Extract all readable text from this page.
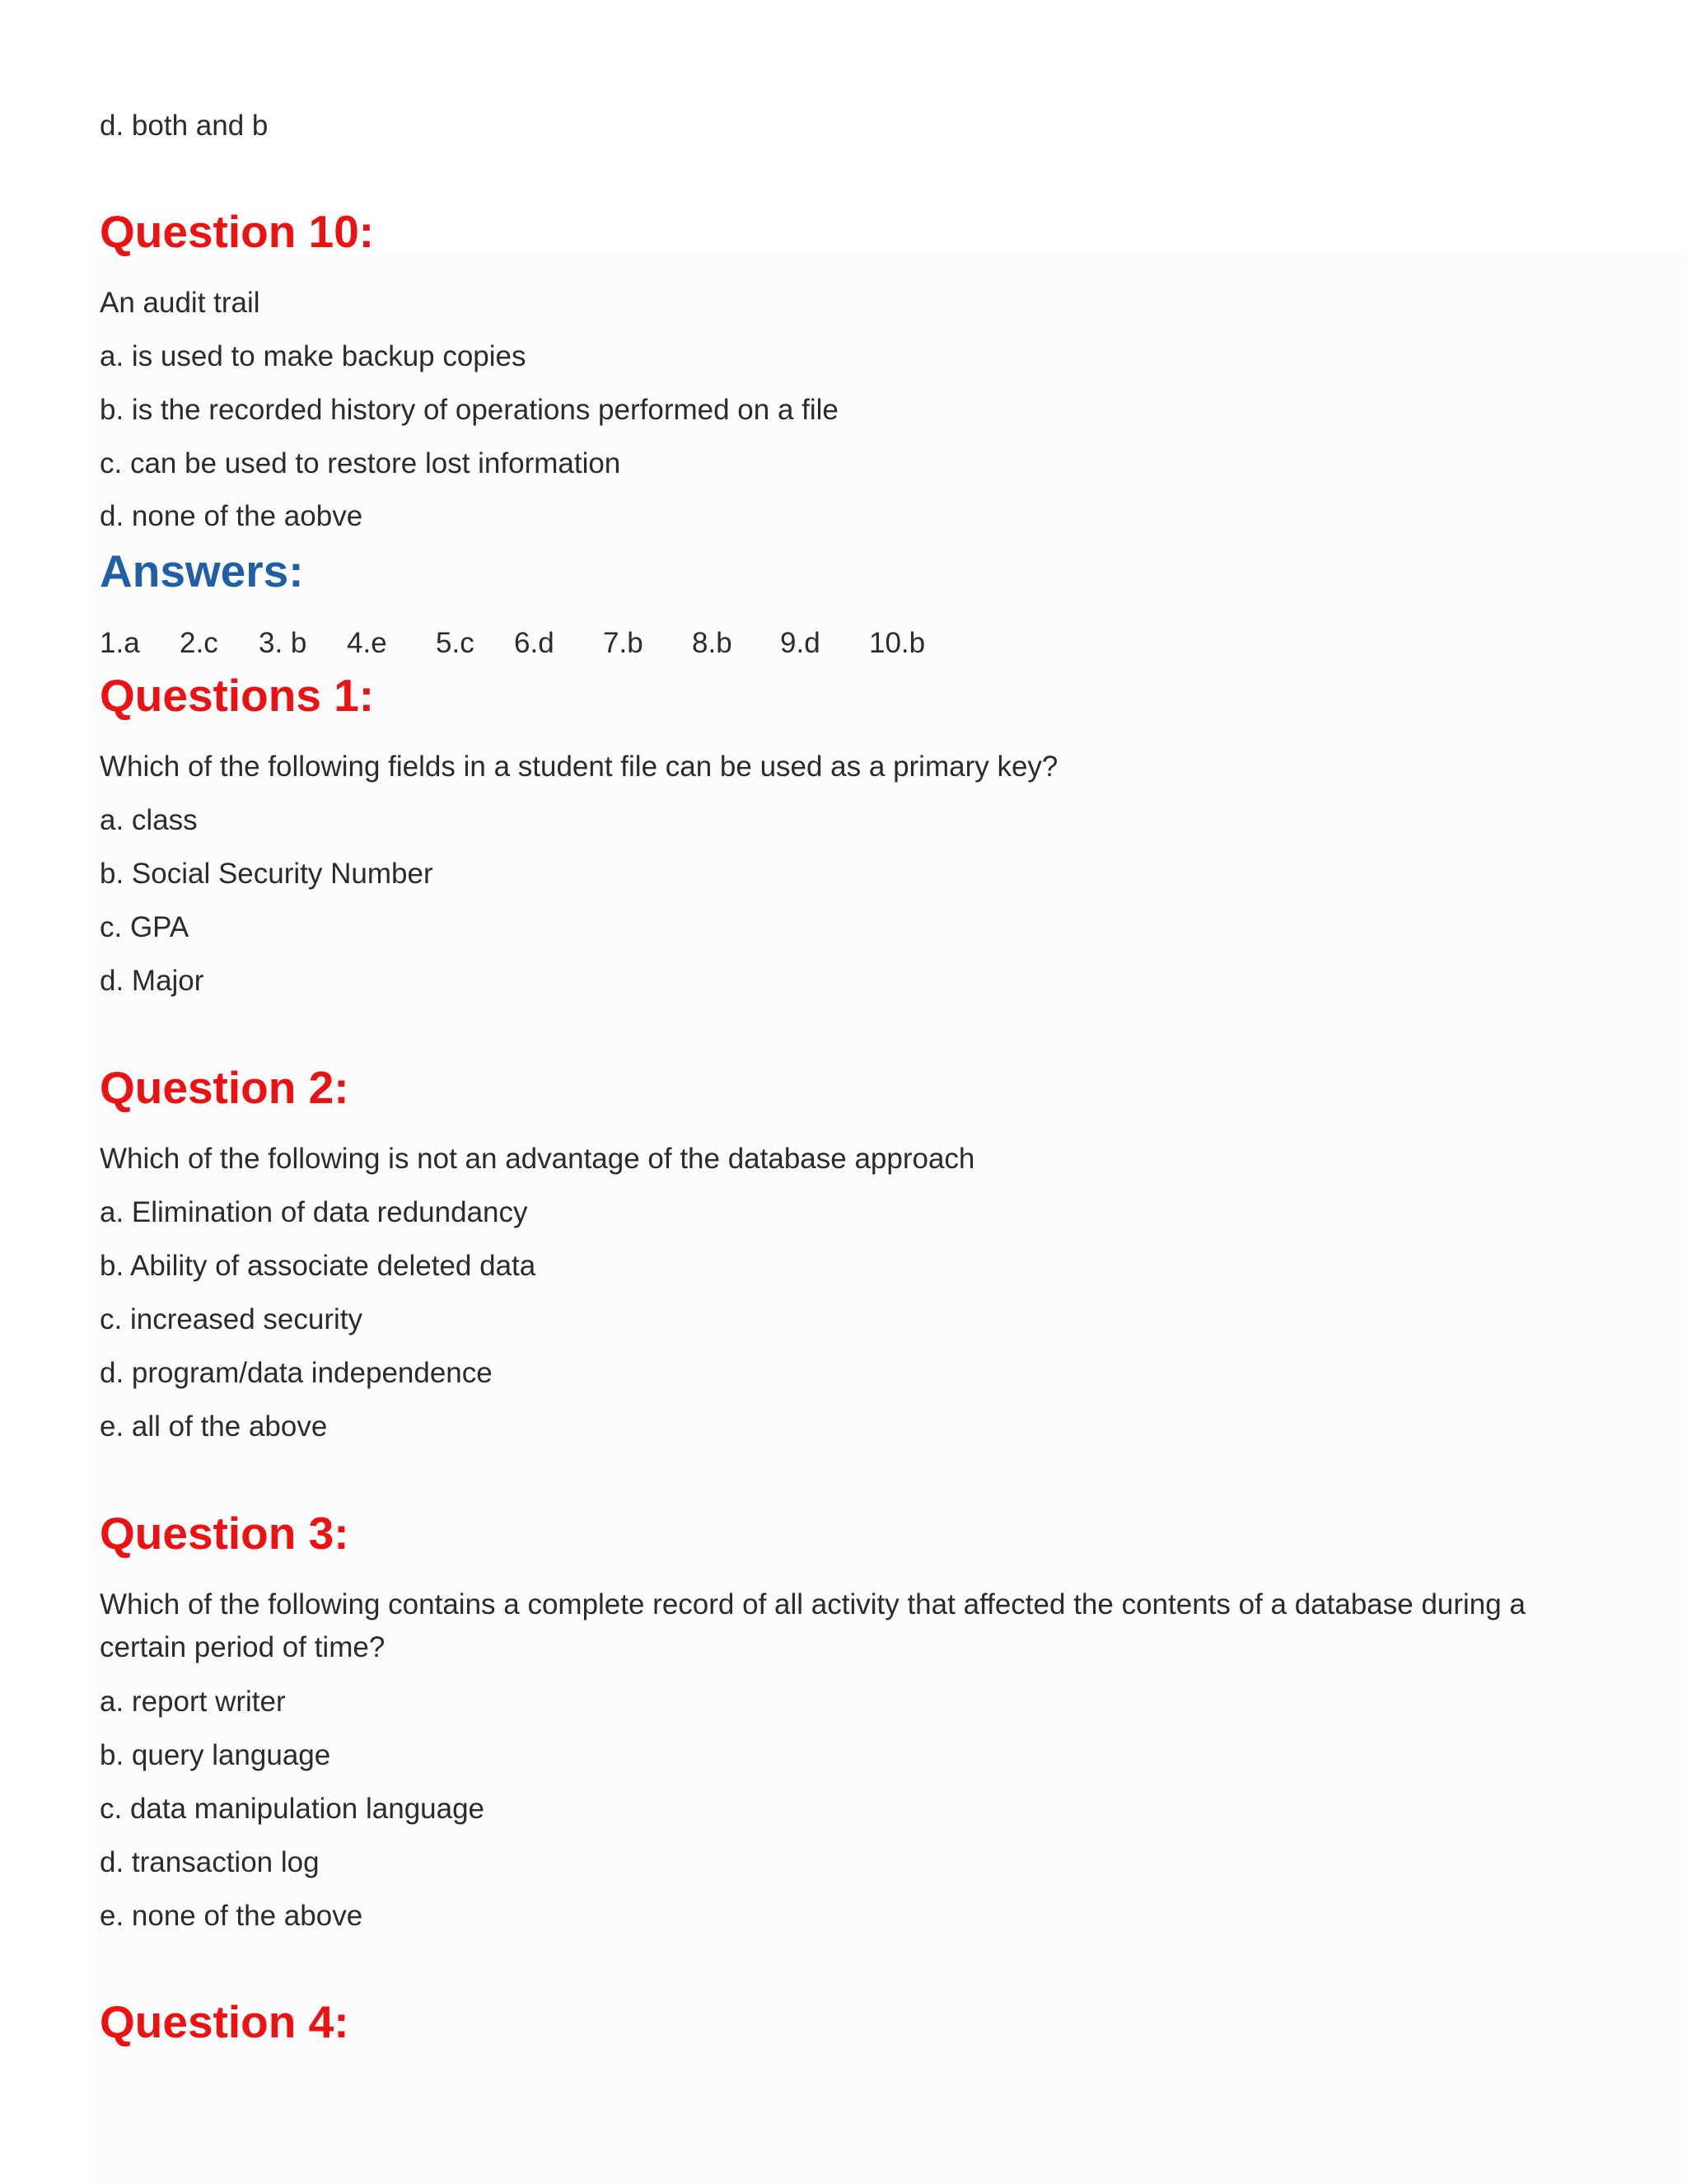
d. both and b
Question 10:
An audit trail
a. is used to make backup copies
b. is the recorded history of operations performed on a file
c. can be used to restore lost information
d. none of the aobve
Answers:
1.a 2.c 3. b 4.e 5.c 6.d 7.b 8.b 9.d 10.b
Questions 1:
Which of the following fields in a student file can be used as a primary key?
a. class
b. Social Security Number
c. GPA
d. Major
Question 2:
Which of the following is not an advantage of the database approach
a. Elimination of data redundancy
b. Ability of associate deleted data
c. increased security
d. program/data independence
e. all of the above
Question 3:
Which of the following contains a complete record of all activity that affected the contents of a database during a certain period of time?
a. report writer
b. query language
c. data manipulation language
d. transaction log
e. none of the above
Question 4:
